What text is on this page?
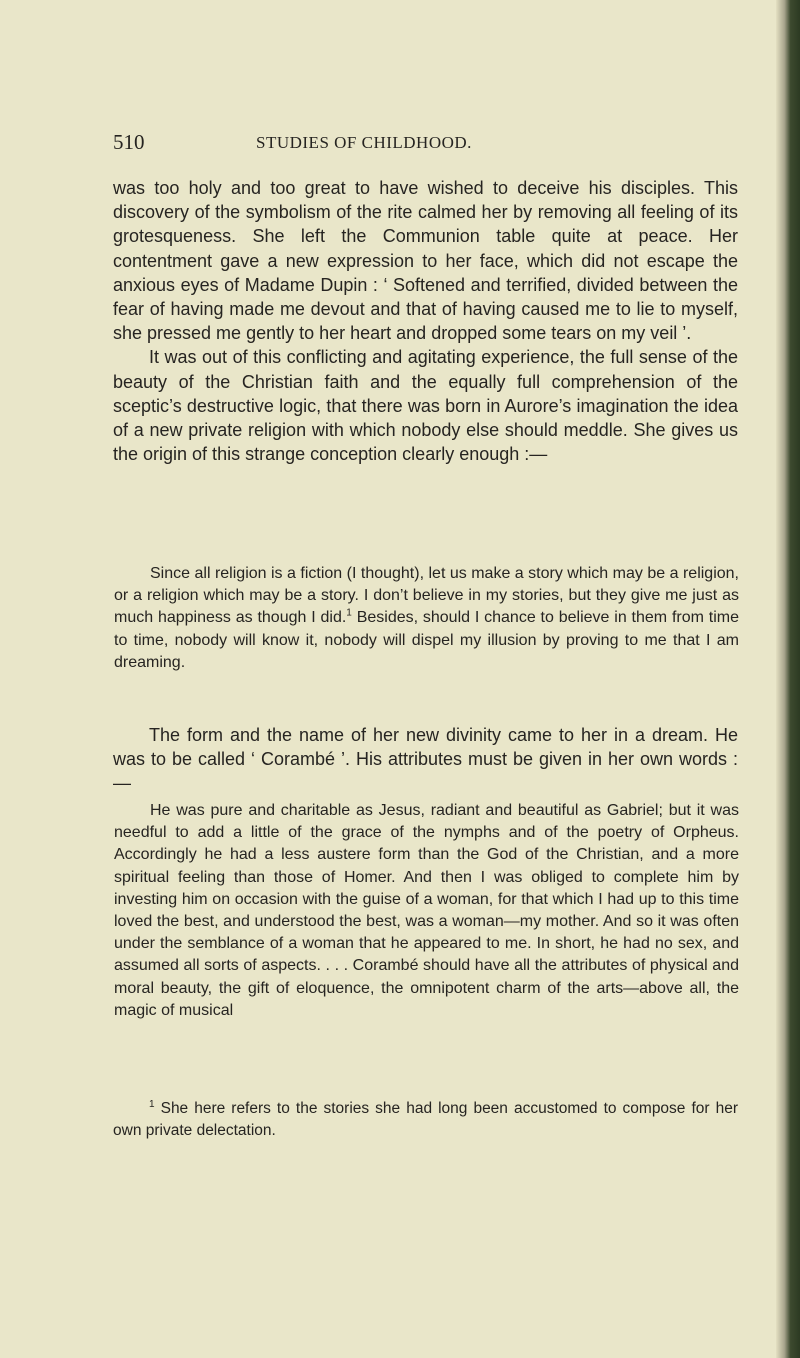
510	STUDIES OF CHILDHOOD.

was too holy and too great to have wished to deceive his disciples. This discovery of the symbolism of the rite calmed her by removing all feeling of its grotesqueness. She left the Communion table quite at peace. Her contentment gave a new expression to her face, which did not escape the anxious eyes of Madame Dupin : ‘ Softened and terrified, divided between the fear of having made me devout and that of having caused me to lie to myself, she pressed me gently to her heart and dropped some tears on my veil ’.

It was out of this conflicting and agitating experience, the full sense of the beauty of the Christian faith and the equally full comprehension of the sceptic’s destructive logic, that there was born in Aurore’s imagination the idea of a new private religion with which nobody else should meddle. She gives us the origin of this strange conception clearly enough :—

Since all religion is a fiction (I thought), let us make a story which may be a religion, or a religion which may be a story. I don’t believe in my stories, but they give me just as much happiness as though I did.$^1$ Besides, should I chance to believe in them from time to time, nobody will know it, nobody will dispel my illusion by proving to me that I am dreaming.

The form and the name of her new divinity came to her in a dream. He was to be called ‘ Corambé ’. His attributes must be given in her own words :—

He was pure and charitable as Jesus, radiant and beautiful as Gabriel; but it was needful to add a little of the grace of the nymphs and of the poetry of Orpheus. Accordingly he had a less austere form than the God of the Christian, and a more spiritual feeling than those of Homer. And then I was obliged to complete him by investing him on occasion with the guise of a woman, for that which I had up to this time loved the best, and understood the best, was a woman—my mother. And so it was often under the semblance of a woman that he appeared to me. In short, he had no sex, and assumed all sorts of aspects. . . . Corambé should have all the attributes of physical and moral beauty, the gift of eloquence, the omnipotent charm of the arts—above all, the magic of musical

$^1$ She here refers to the stories she had long been accustomed to compose for her own private delectation.
